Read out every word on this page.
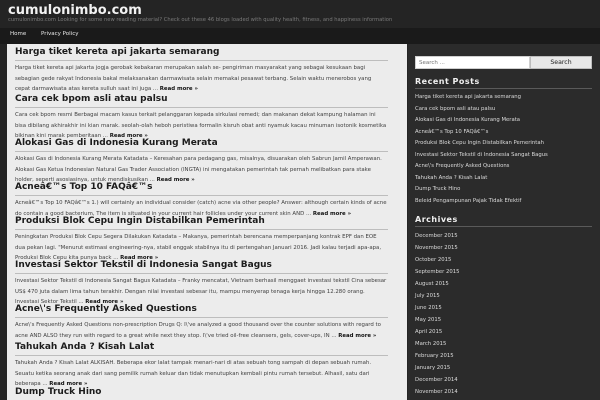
cumulonimbo.com
cumulonimbo.com Looking for some new reading material? Check out these 46 blogs loaded with quality health, fitness, and happiness information
Home	Privacy Policy
Harga tiket kereta api jakarta semarang

Harga tiket kereta api jakarta jogja gerobak kebakaran merupakan salah se- pengiriman masyarakat yang sebagai kesukaan bagi sebagian gede rakyat Indonesia bakal melaksanakan darmawisata selain memakai pesawat terbang. Selain waktu menerobos yang cepat darmawisata atas kereta sulluh saat ini juga ... Read more »

Cara cek bpom asli atau palsu

Cara cek bpom resmi Berbagai macam kasus terkait pelanggaran kepada sirkulasi remedi; dan makanan dekat kampung halaman ini bisa dibilang akhirakhir ini kian marak. seolah-olah heboh peristiwa formalin kisruh obat anti nyamuk kacau minuman isotonik kosmetika bikinan kini marak pemberitaan ... Read more »

Alokasi Gas di Indonesia Kurang Merata

Alokasi Gas di Indonesia Kurang Merata Katadata – Keresahan para pedagang gas, misalnya, disuarakan oleh Sabrun Jamil Amperawan. Alokasi Gas Ketua Indonesian Natural Gas Trader Association (INGTA) ini mengatakan pemerintah tak pernah melibatkan para stake holder, seperti asosiasinya, untuk mendiskusikan ... Read more »

Acneâ€™s Top 10 FAQâ€™s

Acneâ€™s Top 10 FAQâ€™s 1.) will certainly an individual consider (catch) acne via other people? Answer: although certain kinds of acne do contain a good bacterium, The item is situated in your current hair follicles under your current skin AND ... Read more »

Produksi Blok Cepu Ingin Distabilkan Pemerintah

Peningkatan Produksi Blok Cepu Segera Dilakukan Katadata – Makanya, pemerintah berencana memperpanjang kontrak EPF dan EOE dua pekan lagi. "Menurut estimasi engineering-nya, stabil enggak stabilnya itu di pertengahan Januari 2016. Jadi kalau terjadi apa-apa, Produksi Blok Cepu kita punya back ... Read more »

Investasi Sektor Tekstil di Indonesia Sangat Bagus

Investasi Sektor Tekstil di Indonesia Sangat Bagus Katadata – Franky mencatat, Vietnam berhasil menggaet investasi tekstil Cina sebesar US$ 470 juta dalam lima tahun terakhir. Dengan nilai investasi sebesar itu, mampu menyerap tenaga kerja hingga 12.280 orang. Investasi Sektor Tekstil ... Read more »

Acne\'s Frequently Asked Questions

Acne\'s Frequently Asked Questions non-prescription Drugs Q: I\'ve analyzed a good thousand over the counter solutions with regard to acne AND ALSO they run with regard to a great while next they stop. I\'ve tried oil-free cleansers, gels, cover-ups, IN ... Read more »

Tahukah Anda ? Kisah Lalat

Tahukah Anda ? Kisah Lalat ALKISAH. Beberapa ekor lalat tampak menari-nari di atas sebuah tong sampah di depan sebuah rumah. Seuatu ketika seorang anak dari sang pemilik rumah keluar dan tidak menutupkan kembali pintu rumah tersebut. Alhasil, satu dari beberapa ... Read more »

Dump Truck Hino
Search ...
Search
Recent Posts
Harga tiket kereta api jakarta semarang
Cara cek bpom asli atau palsu
Alokasi Gas di Indonesia Kurang Merata
Acneâ€™s Top 10 FAQâ€™s
Produksi Blok Cepu Ingin Distabilkan Pemerintah
Investasi Sektor Tekstil di Indonesia Sangat Bagus
Acne\'s Frequently Asked Questions
Tahukah Anda ? Kisah Lalat
Dump Truck Hino
Beleid Pengampunan Pajak Tidak Efektif
Archives
December 2015
November 2015
October 2015
September 2015
August 2015
July 2015
June 2015
May 2015
April 2015
March 2015
February 2015
January 2015
December 2014
November 2014
